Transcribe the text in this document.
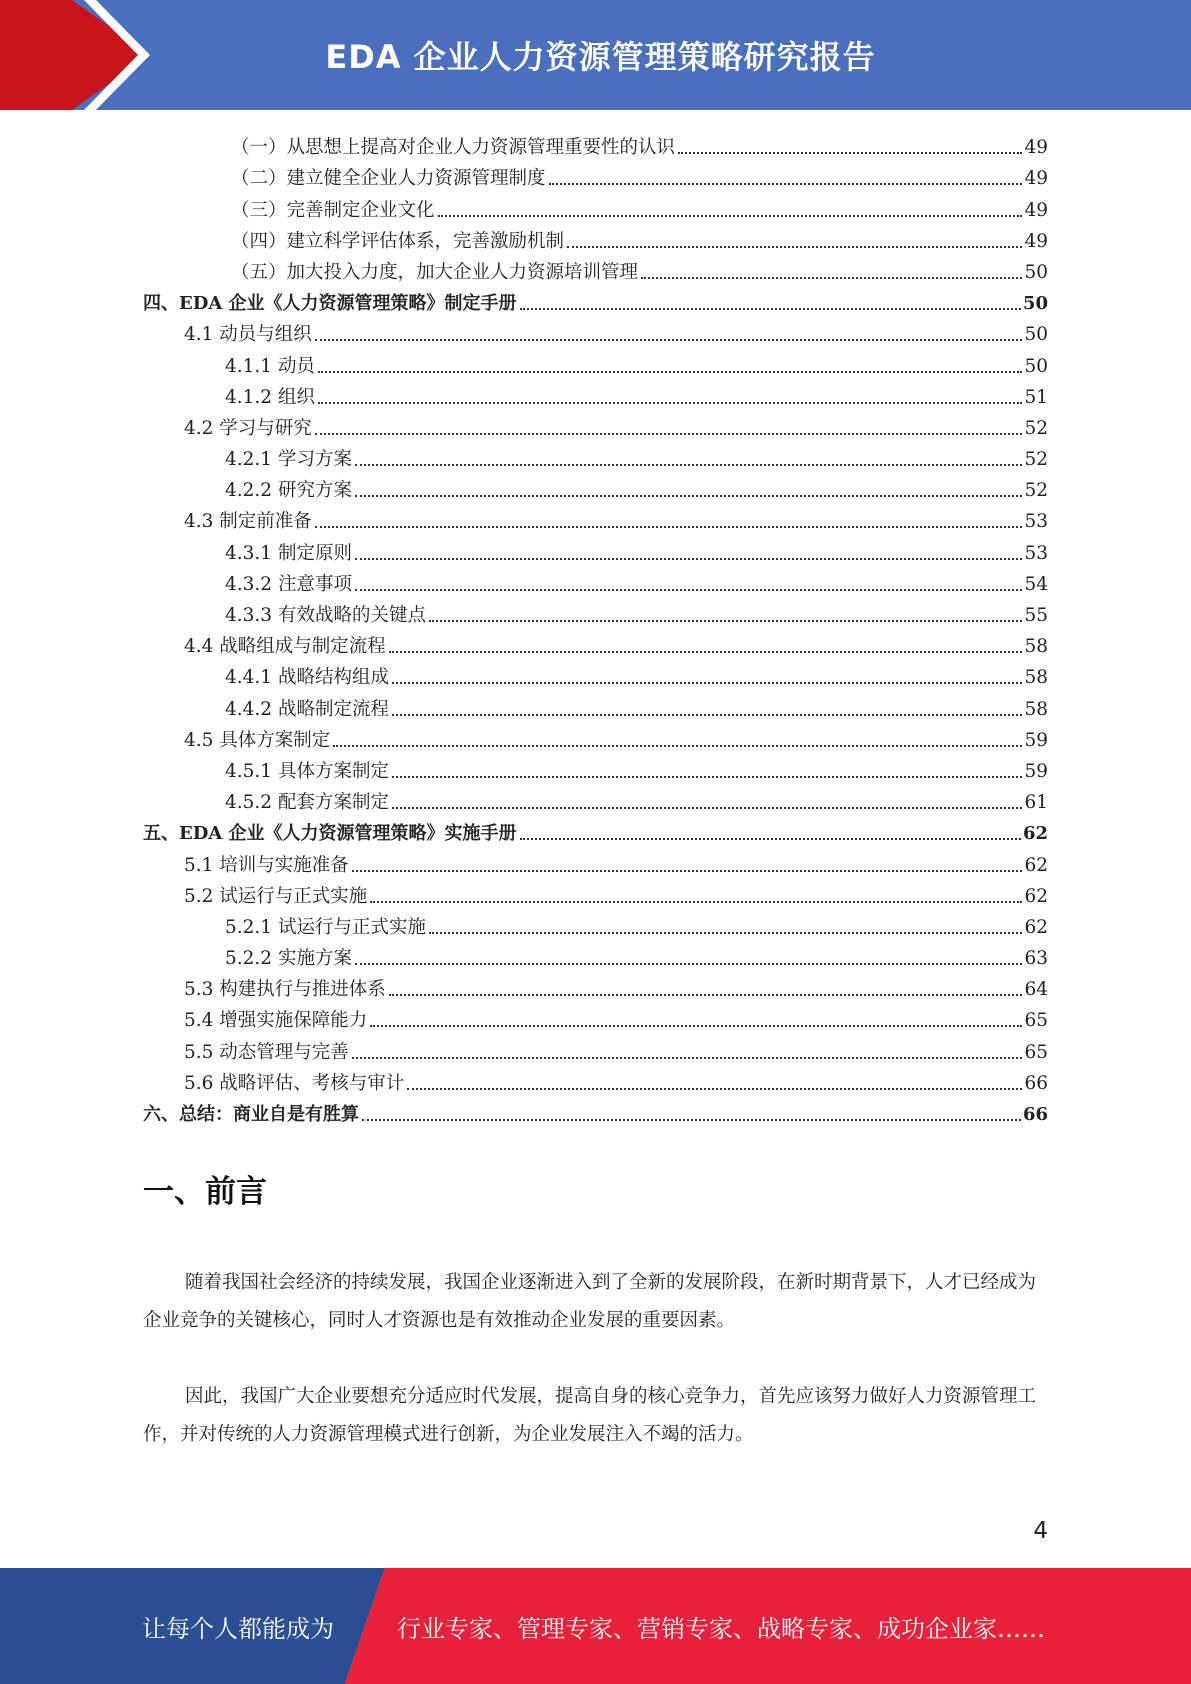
EDA 企业人力资源管理策略研究报告
（一）从思想上提高对企业人力资源管理重要性的认识	49
（二）建立健全企业人力资源管理制度	49
（三）完善制定企业文化	49
（四）建立科学评估体系，完善激励机制	49
（五）加大投入力度，加大企业人力资源培训管理	50
四、EDA 企业《人力资源管理策略》制定手册	50
4.1 动员与组织	50
4.1.1 动员	50
4.1.2 组织	51
4.2 学习与研究	52
4.2.1 学习方案	52
4.2.2 研究方案	52
4.3 制定前准备	53
4.3.1 制定原则	53
4.3.2 注意事项	54
4.3.3 有效战略的关键点	55
4.4 战略组成与制定流程	58
4.4.1 战略结构组成	58
4.4.2 战略制定流程	58
4.5 具体方案制定	59
4.5.1 具体方案制定	59
4.5.2 配套方案制定	61
五、EDA 企业《人力资源管理策略》实施手册	62
5.1 培训与实施准备	62
5.2 试运行与正式实施	62
5.2.1 试运行与正式实施	62
5.2.2 实施方案	63
5.3 构建执行与推进体系	64
5.4 增强实施保障能力	65
5.5 动态管理与完善	65
5.6 战略评估、考核与审计	66
六、总结：商业自是有胜算	66
一、前言

随着我国社会经济的持续发展，我国企业逐渐进入到了全新的发展阶段，在新时期背景下，人才已经成为企业竞争的关键核心，同时人才资源也是有效推动企业发展的重要因素。

因此，我国广大企业要想充分适应时代发展，提高自身的核心竞争力，首先应该努力做好人力资源管理工作，并对传统的人力资源管理模式进行创新，为企业发展注入不竭的活力。

4
让每个人都能成为	行业专家、管理专家、营销专家、战略专家、成功企业家……
